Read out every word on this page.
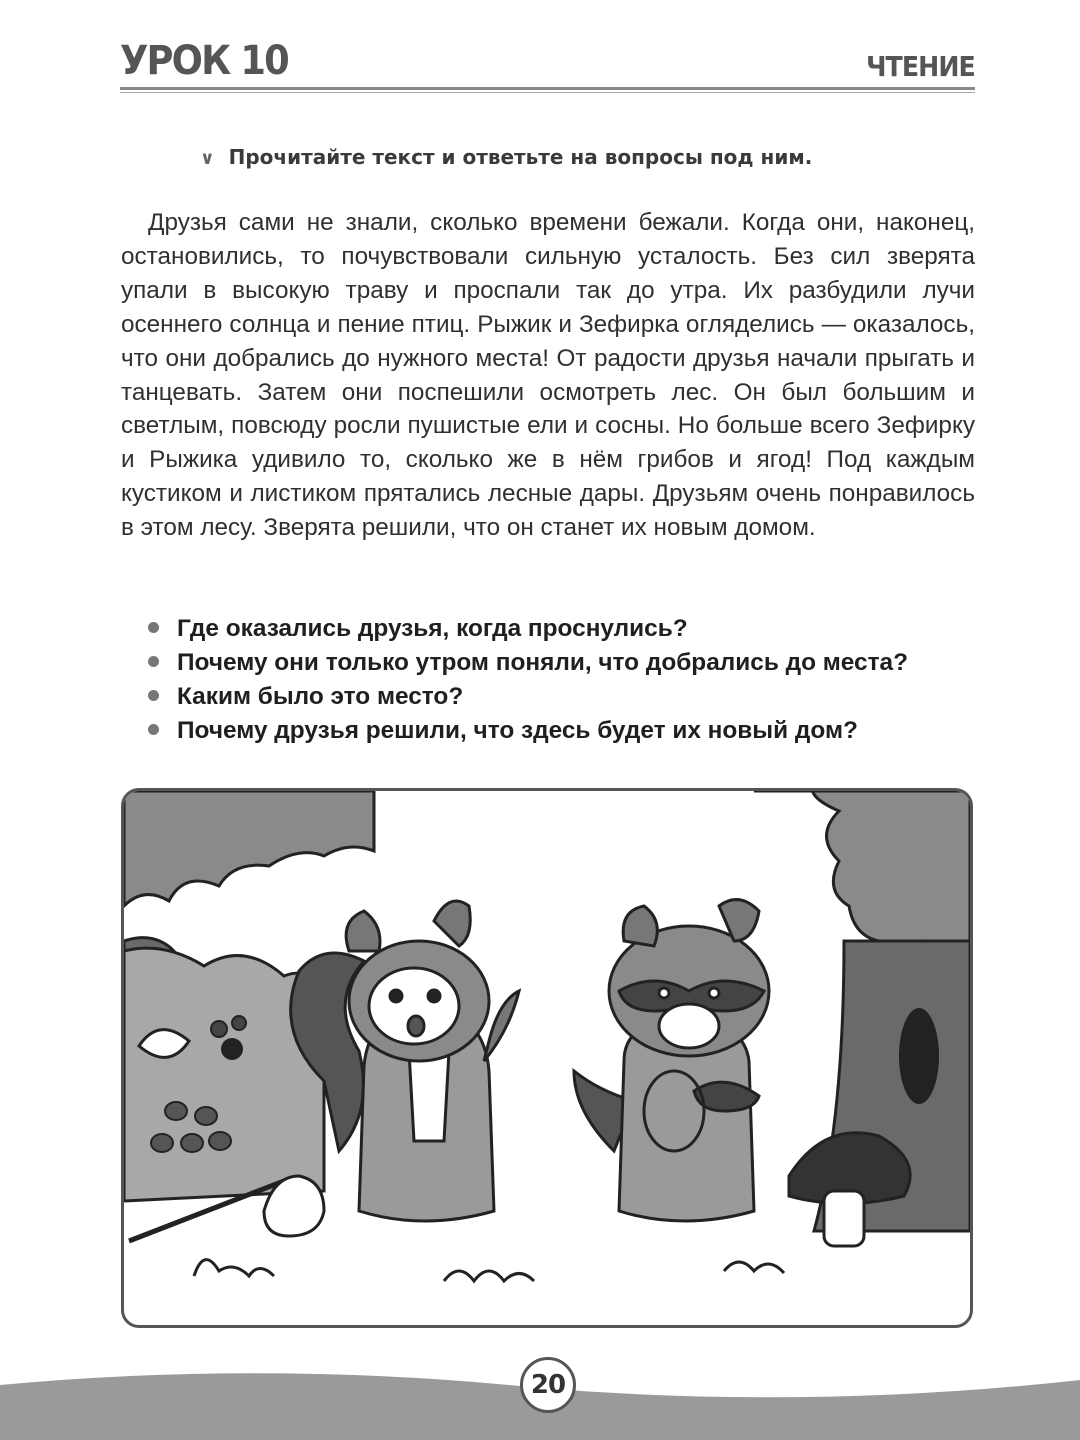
УРОК 10	ЧТЕНИЕ
∨ Прочитайте текст и ответьте на вопросы под ним.

Друзья сами не знали, сколько времени бежали. Когда они, наконец, остановились, то почувствовали сильную усталость. Без сил зверята упали в высокую траву и проспали так до утра. Их разбудили лучи осеннего солнца и пение птиц. Рыжик и Зефирка огляделись — оказалось, что они добрались до нужного места! От радости друзья начали прыгать и танцевать. Затем они поспешили осмотреть лес. Он был большим и светлым, повсюду росли пушистые ели и сосны. Но больше всего Зефирку и Рыжика удивило то, сколько же в нём грибов и ягод! Под каждым кустиком и листиком прятались лесные дары. Друзьям очень понравилось в этом лесу. Зверята решили, что он станет их новым домом.

Где оказались друзья, когда проснулись?
Почему они только утром поняли, что добрались до места?
Каким было это место?
Почему друзья решили, что здесь будет их новый дом?
20
